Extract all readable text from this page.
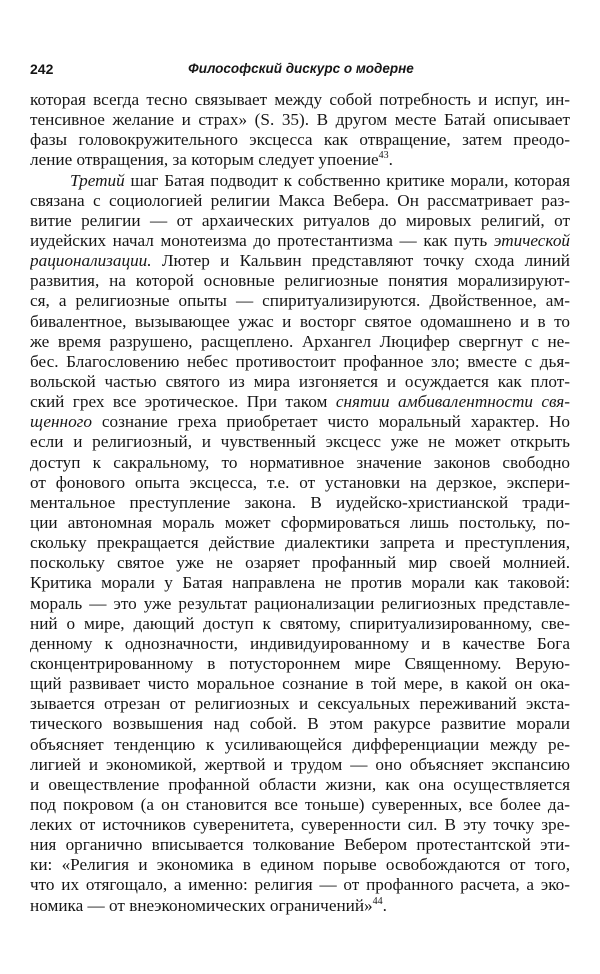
242	Философский дискурс о модерне
которая всегда тесно связывает между собой потребность и испуг, ин-
тенсивное желание и страх» (S. 35). В другом месте Батай описывает
фазы головокружительного эксцесса как отвращение, затем преодо-
ление отвращения, за которым следует упоение$^{43}$.
Третий шаг Батая подводит к собственно критике морали, которая
связана с социологией религии Макса Вебера. Он рассматривает раз-
витие религии — от архаических ритуалов до мировых религий, от
иудейских начал монотеизма до протестантизма — как путь этической
рационализации. Лютер и Кальвин представляют точку схода линий
развития, на которой основные религиозные понятия морализируют-
ся, а религиозные опыты — спиритуализируются. Двойственное, ам-
бивалентное, вызывающее ужас и восторг святое одомашнено и в то
же время разрушено, расщеплено. Архангел Люцифер свергнут с не-
бес. Благословению небес противостоит профанное зло; вместе с дья-
вольской частью святого из мира изгоняется и осуждается как плот-
ский грех все эротическое. При таком снятии амбивалентности свя-
щенного сознание греха приобретает чисто моральный характер. Но
если и религиозный, и чувственный эксцесс уже не может открыть
доступ к сакральному, то нормативное значение законов свободно
от фонового опыта эксцесса, т.е. от установки на дерзкое, экспери-
ментальное преступление закона. В иудейско-христианской тради-
ции автономная мораль может сформироваться лишь постольку, по-
скольку прекращается действие диалектики запрета и преступления,
поскольку святое уже не озаряет профанный мир своей молнией.
Критика морали у Батая направлена не против морали как таковой:
мораль — это уже результат рационализации религиозных представле-
ний о мире, дающий доступ к святому, спиритуализированному, све-
денному к однозначности, индивидуированному и в качестве Бога
сконцентрированному в потустороннем мире Священному. Верую-
щий развивает чисто моральное сознание в той мере, в какой он ока-
зывается отрезан от религиозных и сексуальных переживаний экста-
тического возвышения над собой. В этом ракурсе развитие морали
объясняет тенденцию к усиливающейся дифференциации между ре-
лигией и экономикой, жертвой и трудом — оно объясняет экспансию
и овеществление профанной области жизни, как она осуществляется
под покровом (а он становится все тоньше) суверенных, все более да-
леких от источников суверенитета, суверенности сил. В эту точку зре-
ния органично вписывается толкование Вебером протестантской эти-
ки: «Религия и экономика в едином порыве освобождаются от того,
что их отягощало, а именно: религия — от профанного расчета, а эко-
номика — от внеэкономических ограничений»$^{44}$.
